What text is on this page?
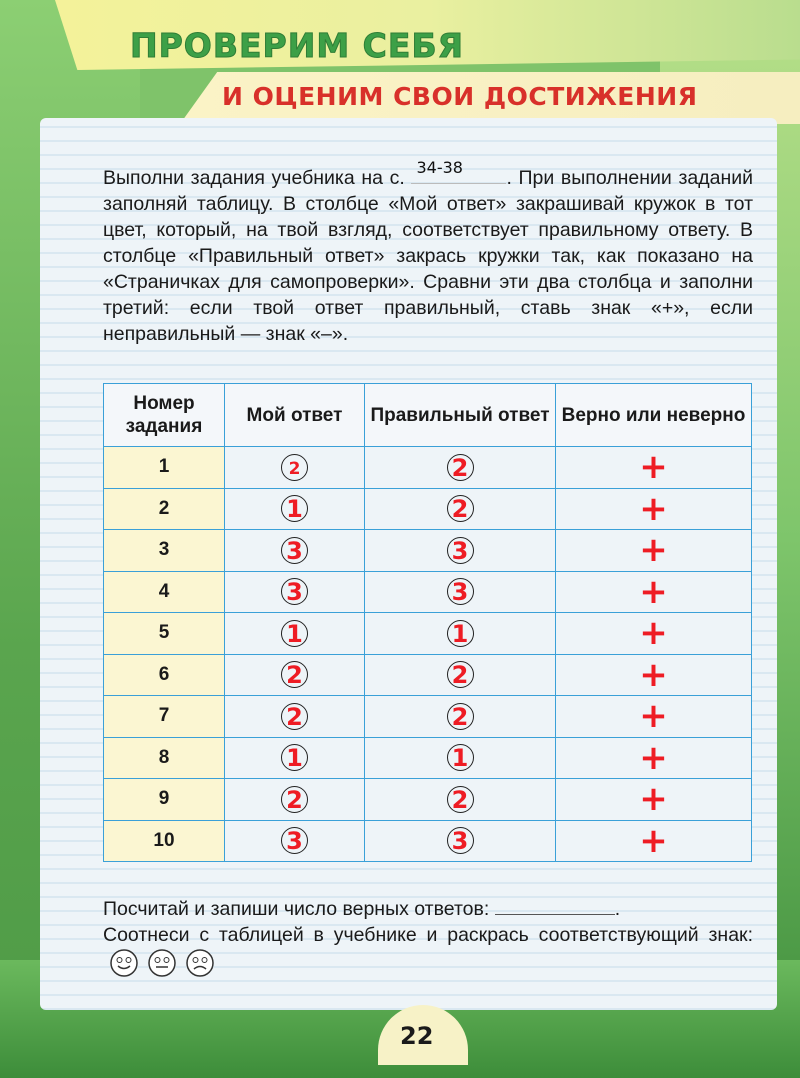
ПРОВЕРИМ СЕБЯ
И ОЦЕНИМ СВОИ ДОСТИЖЕНИЯ
Выполни задания учебника на с. 34-38 . При выполнении заданий заполняй таблицу. В столбце «Мой ответ» закрашивай кружок в тот цвет, который, на твой взгляд, соответствует правильному ответу. В столбце «Правильный ответ» закрась кружки так, как показано на «Страничках для самопроверки». Сравни эти два столбца и заполни третий: если твой ответ правильный, ставь знак «+», если неправильный — знак «–».
Номер задания	Мой ответ	Правильный ответ	Верно или неверно
1	2	2	+
2	1	2	+
3	3	3	+
4	3	3	+
5	1	1	+
6	2	2	+
7	2	2	+
8	1	1	+
9	2	2	+
10	3	3	+
Посчитай и запиши число верных ответов:	.
Соотнеси с таблицей в учебнике и раскрась соответствующий знак:
22
